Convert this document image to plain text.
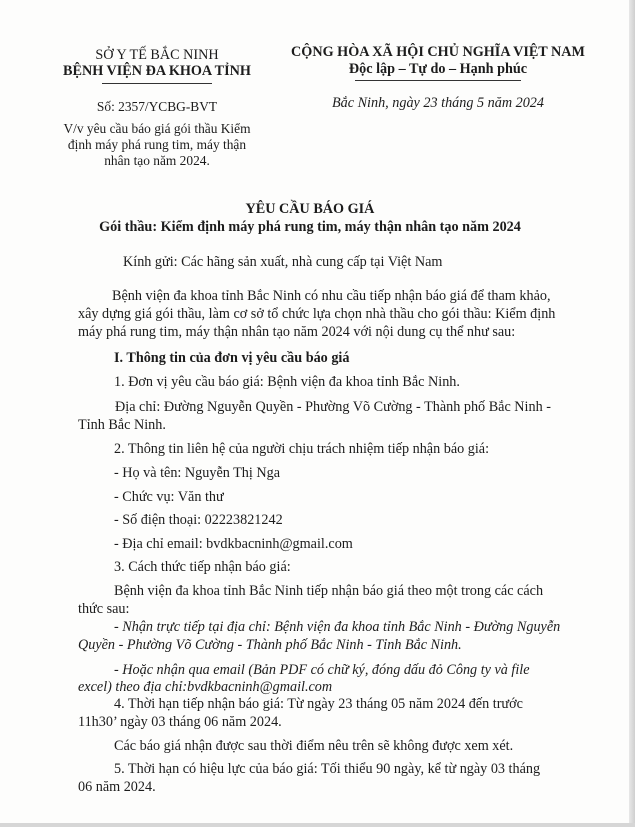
SỞ Y TẾ BẮC NINH
BỆNH VIỆN ĐA KHOA TỈNH
Số: 2357/YCBG-BVT
V/v yêu cầu báo giá gói thầu Kiểm
định máy phá rung tim, máy thận
nhân tạo năm 2024.
CỘNG HÒA XÃ HỘI CHỦ NGHĨA VIỆT NAM
Độc lập – Tự do – Hạnh phúc
Bắc Ninh, ngày 23 tháng 5 năm 2024
YÊU CẦU BÁO GIÁ
Gói thầu: Kiểm định máy phá rung tim, máy thận nhân tạo năm 2024
Kính gửi: Các hãng sản xuất, nhà cung cấp tại Việt Nam
Bệnh viện đa khoa tỉnh Bắc Ninh có nhu cầu tiếp nhận báo giá để tham khảo,
xây dựng giá gói thầu, làm cơ sở tổ chức lựa chọn nhà thầu cho gói thầu: Kiểm định
máy phá rung tim, máy thận nhân tạo năm 2024 với nội dung cụ thể như sau:
I. Thông tin của đơn vị yêu cầu báo giá
1. Đơn vị yêu cầu báo giá: Bệnh viện đa khoa tỉnh Bắc Ninh.
Địa chỉ: Đường Nguyễn Quyền - Phường Võ Cường - Thành phố Bắc Ninh -
Tỉnh Bắc Ninh.
2. Thông tin liên hệ của người chịu trách nhiệm tiếp nhận báo giá:
- Họ và tên: Nguyễn Thị Nga
- Chức vụ: Văn thư
- Số điện thoại: 02223821242
- Địa chỉ email: bvdkbacninh@gmail.com
3. Cách thức tiếp nhận báo giá:
Bệnh viện đa khoa tỉnh Bắc Ninh tiếp nhận báo giá theo một trong các cách
thức sau:
- Nhận trực tiếp tại địa chỉ: Bệnh viện đa khoa tỉnh Bắc Ninh - Đường Nguyễn
Quyền - Phường Võ Cường - Thành phố Bắc Ninh - Tỉnh Bắc Ninh.
- Hoặc nhận qua email (Bản PDF có chữ ký, đóng dấu đỏ Công ty và file
excel) theo địa chỉ:bvdkbacninh@gmail.com
4. Thời hạn tiếp nhận báo giá: Từ ngày 23 tháng 05 năm 2024 đến trước
11h30’ ngày 03 tháng 06 năm 2024.
Các báo giá nhận được sau thời điểm nêu trên sẽ không được xem xét.
5. Thời hạn có hiệu lực của báo giá: Tối thiểu 90 ngày, kể từ ngày 03 tháng
06 năm 2024.
